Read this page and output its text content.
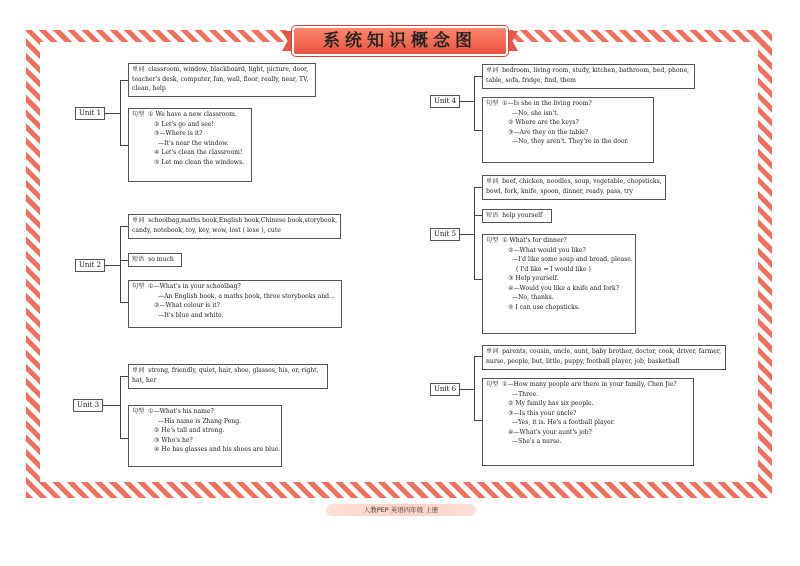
系统知识概念图
Unit 1
单词 classroom, window, blackboard, light, picture, door,
teacher's desk, computer, fan, wall, floor, really, near, TV,
clean, help
句型 ① We have a new classroom.
② Let's go and see!
③—Where is it?
—It's near the window.
④ Let's clean the classroom!
⑤ Let me clean the windows.
Unit 2
单词 schoolbag,maths book,English book,Chinese book,storybook,
candy, notebook, toy, key, wow, lost ( lose ), cute
短语 so much
句型 ①—What's in your schoolbag?
—An English book, a maths book, three storybooks and...
②—What colour is it?
—It's blue and white.
Unit 3
单词 strong, friendly, quiet, hair, shoe, glasses, his, or, right,
hat, her
句型 ①—What's his name?
—His name is Zhang Peng.
② He's tall and strong.
③ Who's he?
④ He has glasses and his shoes are blue.
Unit 4
单词 bedroom, living room, study, kitchen, bathroom, bed, phone,
table, sofa, fridge, find, them
句型 ①—Is she in the living room?
—No, she isn't.
② Where are the keys?
③—Are they on the table?
—No, they aren't. They're in the door.
Unit 5
单词 beef, chicken, noodles, soup, vegetable, chopsticks,
bowl, fork, knife, spoon, dinner, ready, pass, try
短语 help yourself
句型 ① What's for dinner?
②—What would you like?
—I'd like some soup and bread, please.
( I'd like = I would like )
③ Help yourself.
④—Would you like a knife and fork?
—No, thanks.
⑤ I can use chopsticks.
Unit 6
单词 parents, cousin, uncle, aunt, baby brother, doctor, cook, driver, farmer,
nurse, people, but, little, puppy, football player, job, basketball
句型 ①—How many people are there in your family, Chen Jie?
—Three.
② My family has six people.
③—Is this your uncle?
—Yes, it is. He's a football player.
④—What's your aunt's job?
—She's a nurse.
人教PEP 英语四年级 上册
